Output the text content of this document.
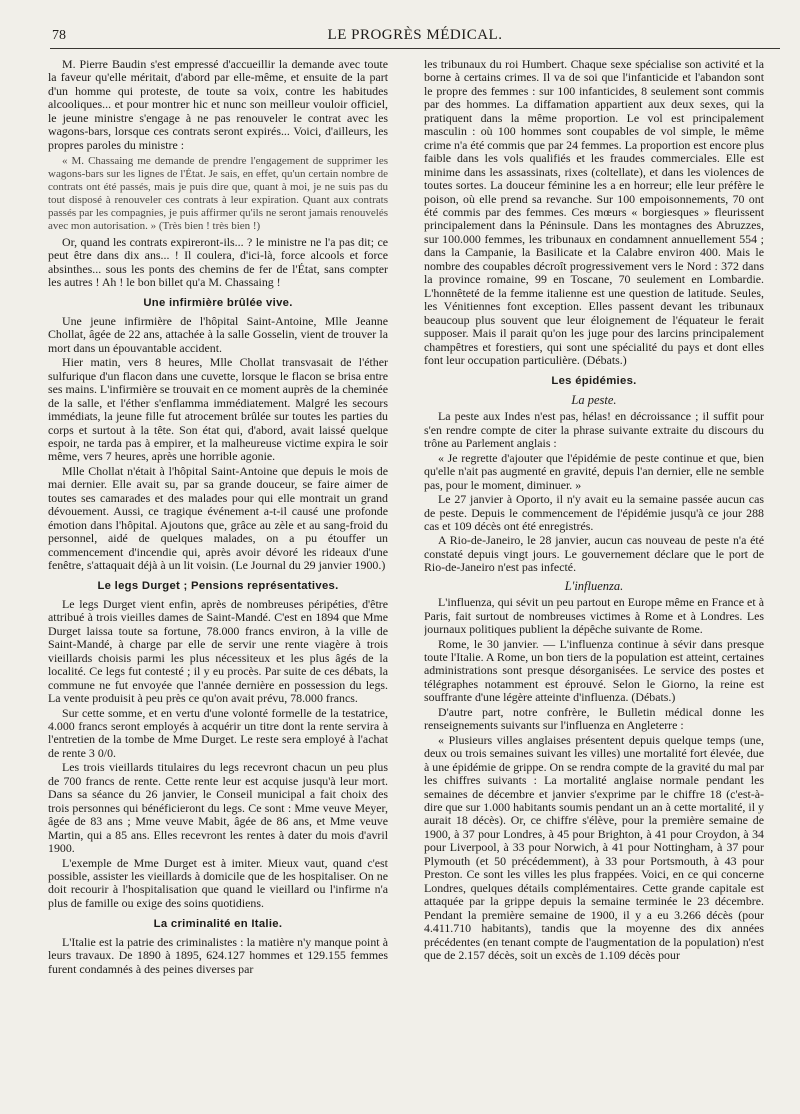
78	LE PROGRÈS MÉDICAL.

M. Pierre Baudin s'est empressé d'accueillir la demande avec toute la faveur qu'elle méritait, d'abord par elle-même, et ensuite de la part d'un homme qui proteste, de toute sa voix, contre les habitudes alcooliques... et pour montrer hic et nunc son meilleur vouloir officiel, le jeune ministre s'engage à ne pas renouveler le contrat avec les wagons-bars, lorsque ces contrats seront expirés... Voici, d'ailleurs, les propres paroles du ministre :

« M. Chassaing me demande de prendre l'engagement de supprimer les wagons-bars sur les lignes de l'État. Je sais, en effet, qu'un certain nombre de contrats ont été passés, mais je puis dire que, quant à moi, je ne suis pas du tout disposé à renouveler ces contrats à leur expiration. Quant aux contrats passés par les compagnies, je puis affirmer qu'ils ne seront jamais renouvelés avec mon autorisation. » (Très bien ! très bien !)

Or, quand les contrats expireront-ils... ? le ministre ne l'a pas dit; ce peut être dans dix ans... ! Il coulera, d'ici-là, force alcools et force absinthes... sous les ponts des chemins de fer de l'État, sans compter les autres ! Ah ! le bon billet qu'a M. Chassaing !

Une infirmière brûlée vive.

Une jeune infirmière de l'hôpital Saint-Antoine, Mlle Jeanne Chollat, âgée de 22 ans, attachée à la salle Gosselin, vient de trouver la mort dans un épouvantable accident.

Hier matin, vers 8 heures, Mlle Chollat transvasait de l'éther sulfurique d'un flacon dans une cuvette, lorsque le flacon se brisa entre ses mains. L'infirmière se trouvait en ce moment auprès de la cheminée de la salle, et l'éther s'enflamma immédiatement. Malgré les secours immédiats, la jeune fille fut atrocement brûlée sur toutes les parties du corps et surtout à la tête. Son état qui, d'abord, avait laissé quelque espoir, ne tarda pas à empirer, et la malheureuse victime expira le soir même, vers 7 heures, après une horrible agonie.

Mlle Chollat n'était à l'hôpital Saint-Antoine que depuis le mois de mai dernier. Elle avait su, par sa grande douceur, se faire aimer de toutes ses camarades et des malades pour qui elle montrait un grand dévouement. Aussi, ce tragique événement a-t-il causé une profonde émotion dans l'hôpital. Ajoutons que, grâce au zèle et au sang-froid du personnel, aidé de quelques malades, on a pu étouffer un commencement d'incendie qui, après avoir dévoré les rideaux d'une fenêtre, s'attaquait déjà à un lit voisin. (Le Journal du 29 janvier 1900.)

Le legs Durget ; Pensions représentatives.

Le legs Durget vient enfin, après de nombreuses péripéties, d'être attribué à trois vieilles dames de Saint-Mandé. C'est en 1894 que Mme Durget laissa toute sa fortune, 78.000 francs environ, à la ville de Saint-Mandé, à charge par elle de servir une rente viagère à trois vieillards choisis parmi les plus nécessiteux et les plus âgés de la localité. Ce legs fut contesté ; il y eu procès. Par suite de ces débats, la commune ne fut envoyée que l'année dernière en possession du legs. La vente produisit à peu près ce qu'on avait prévu, 78.000 francs.

Sur cette somme, et en vertu d'une volonté formelle de la testatrice, 4.000 francs seront employés à acquérir un titre dont la rente servira à l'entretien de la tombe de Mme Durget. Le reste sera employé à l'achat de rente 3 0/0.

Les trois vieillards titulaires du legs recevront chacun un peu plus de 700 francs de rente. Cette rente leur est acquise jusqu'à leur mort. Dans sa séance du 26 janvier, le Conseil municipal a fait choix des trois personnes qui bénéficieront du legs. Ce sont : Mme veuve Meyer, âgée de 83 ans ; Mme veuve Mabit, âgée de 86 ans, et Mme veuve Martin, qui a 85 ans. Elles recevront les rentes à dater du mois d'avril 1900.

L'exemple de Mme Durget est à imiter. Mieux vaut, quand c'est possible, assister les vieillards à domicile que de les hospitaliser. On ne doit recourir à l'hospitalisation que quand le vieillard ou l'infirme n'a plus de famille ou exige des soins quotidiens.

La criminalité en Italie.

L'Italie est la patrie des criminalistes : la matière n'y manque point à leurs travaux. De 1890 à 1895, 624.127 hommes et 129.155 femmes furent condamnés à des peines diverses par

les tribunaux du roi Humbert. Chaque sexe spécialise son activité et la borne à certains crimes. Il va de soi que l'infanticide et l'abandon sont le propre des femmes : sur 100 infanticides, 8 seulement sont commis par des hommes. La diffamation appartient aux deux sexes, qui la pratiquent dans la même proportion. Le vol est principalement masculin : où 100 hommes sont coupables de vol simple, le même crime n'a été commis que par 24 femmes. La proportion est encore plus faible dans les vols qualifiés et les fraudes commerciales. Elle est minime dans les assassinats, rixes (coltellate), et dans les violences de toutes sortes. La douceur féminine les a en horreur; elle leur préfère le poison, où elle prend sa revanche. Sur 100 empoisonnements, 70 ont été commis par des femmes. Ces mœurs « borgiesques » fleurissent principalement dans la Péninsule. Dans les montagnes des Abruzzes, sur 100.000 femmes, les tribunaux en condamnent annuellement 554 ; dans la Campanie, la Basilicate et la Calabre environ 400. Mais le nombre des coupables décroît progressivement vers le Nord : 372 dans la province romaine, 99 en Toscane, 70 seulement en Lombardie. L'honnêteté de la femme italienne est une question de latitude. Seules, les Vénitiennes font exception. Elles passent devant les tribunaux beaucoup plus souvent que leur éloignement de l'équateur le ferait supposer. Mais il parait qu'on les juge pour des larcins principalement champêtres et forestiers, qui sont une spécialité du pays et dont elles font leur occupation particulière. (Débats.)

Les épidémies.
La peste.

La peste aux Indes n'est pas, hélas! en décroissance ; il suffit pour s'en rendre compte de citer la phrase suivante extraite du discours du trône au Parlement anglais :

« Je regrette d'ajouter que l'épidémie de peste continue et que, bien qu'elle n'ait pas augmenté en gravité, depuis l'an dernier, elle ne semble pas, pour le moment, diminuer. »

Le 27 janvier à Oporto, il n'y avait eu la semaine passée aucun cas de peste. Depuis le commencement de l'épidémie jusqu'à ce jour 288 cas et 109 décès ont été enregistrés.

A Rio-de-Janeiro, le 28 janvier, aucun cas nouveau de peste n'a été constaté depuis vingt jours. Le gouvernement déclare que le port de Rio-de-Janeiro n'est pas infecté.

L'influenza.

L'influenza, qui sévit un peu partout en Europe même en France et à Paris, fait surtout de nombreuses victimes à Rome et à Londres. Les journaux politiques publient la dépêche suivante de Rome.

Rome, le 30 janvier. — L'influenza continue à sévir dans presque toute l'Italie. A Rome, un bon tiers de la population est atteint, certaines administrations sont presque désorganisées. Le service des postes et télégraphes notamment est éprouvé. Selon le Giorno, la reine est souffrante d'une légère atteinte d'influenza. (Débats.)

D'autre part, notre confrère, le Bulletin médical donne les renseignements suivants sur l'influenza en Angleterre :

« Plusieurs villes anglaises présentent depuis quelque temps (une, deux ou trois semaines suivant les villes) une mortalité fort élevée, due à une épidémie de grippe. On se rendra compte de la gravité du mal par les chiffres suivants : La mortalité anglaise normale pendant les semaines de décembre et janvier s'exprime par le chiffre 18 (c'est-à-dire que sur 1.000 habitants soumis pendant un an à cette mortalité, il y aurait 18 décès). Or, ce chiffre s'élève, pour la première semaine de 1900, à 37 pour Londres, à 45 pour Brighton, à 41 pour Croydon, à 34 pour Liverpool, à 33 pour Norwich, à 41 pour Nottingham, à 37 pour Plymouth (et 50 précédemment), à 33 pour Portsmouth, à 43 pour Preston. Ce sont les villes les plus frappées. Voici, en ce qui concerne Londres, quelques détails complémentaires. Cette grande capitale est attaquée par la grippe depuis la semaine terminée le 23 décembre. Pendant la première semaine de 1900, il y a eu 3.266 décès (pour 4.411.710 habitants), tandis que la moyenne des dix années précédentes (en tenant compte de l'augmentation de la population) n'est que de 2.157 décès, soit un excès de 1.109 décès pour
